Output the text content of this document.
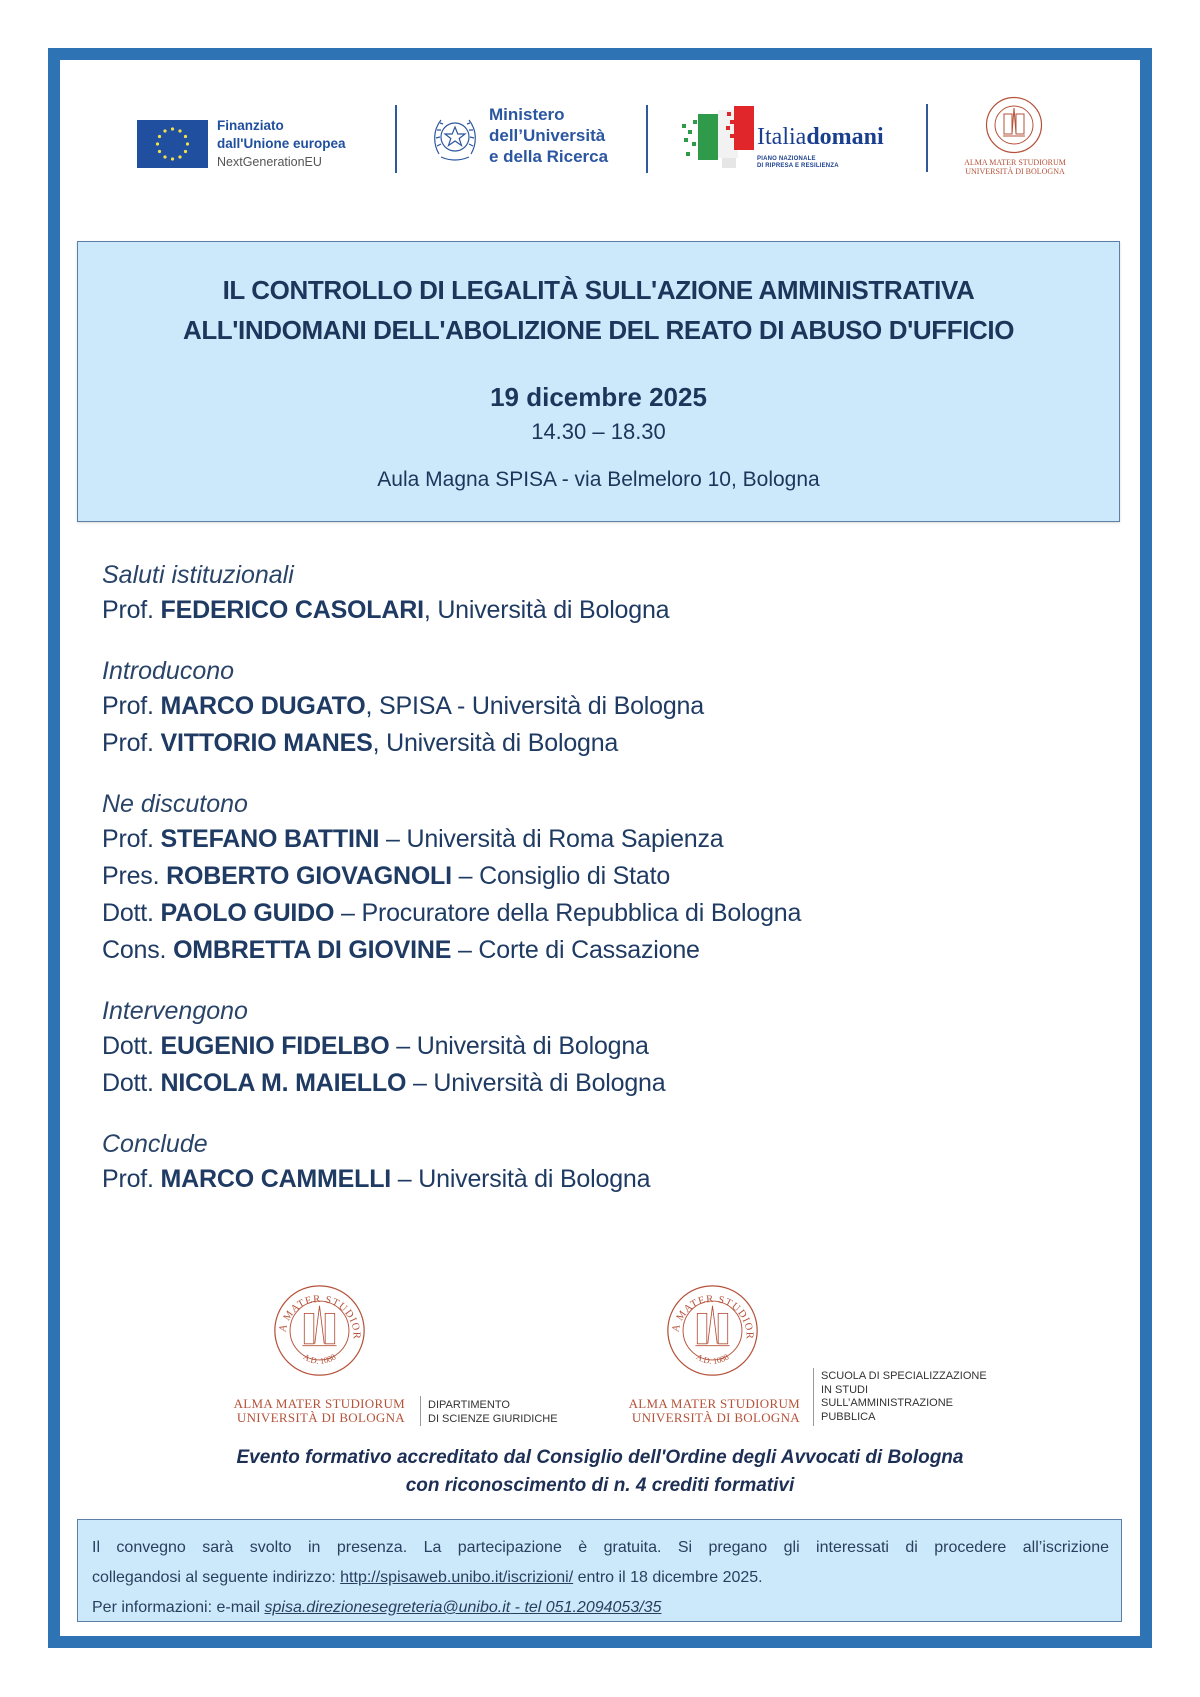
Finanziato
dall'Unione europea
NextGenerationEU
Ministero
dell’Università
e della Ricerca
Italiadomani
PIANO NAZIONALE
DI RIPRESA E RESILIENZA	ALMA MATER STUDIORUM
UNIVERSITÀ DI BOLOGNA
IL CONTROLLO DI LEGALITÀ SULL'AZIONE AMMINISTRATIVA
ALL'INDOMANI DELL'ABOLIZIONE DEL REATO DI ABUSO D'UFFICIO
19 dicembre 2025
14.30 – 18.30
Aula Magna SPISA - via Belmeloro 10, Bologna
Saluti istituzionali
Prof. FEDERICO CASOLARI, Università di Bologna
Introducono
Prof. MARCO DUGATO, SPISA - Università di Bologna
Prof. VITTORIO MANES, Università di Bologna
Ne discutono
Prof. STEFANO BATTINI – Università di Roma Sapienza
Pres. ROBERTO GIOVAGNOLI – Consiglio di Stato
Dott. PAOLO GUIDO – Procuratore della Repubblica di Bologna
Cons. OMBRETTA DI GIOVINE – Corte di Cassazione
Intervengono
Dott. EUGENIO FIDELBO – Università di Bologna
Dott. NICOLA M. MAIELLO – Università di Bologna
Conclude
Prof. MARCO CAMMELLI – Università di Bologna
A MATER STUDIOR
A.D. 1088
ALMA MATER STUDIORUM
UNIVERSITÀ DI BOLOGNA
DIPARTIMENTO
DI SCIENZE GIURIDICHE
A MATER STUDIOR
A.D. 1088
ALMA MATER STUDIORUM
UNIVERSITÀ DI BOLOGNA
SCUOLA DI SPECIALIZZAZIONE
IN STUDI
SULL’AMMINISTRAZIONE
PUBBLICA
Evento formativo accreditato dal Consiglio dell'Ordine degli Avvocati di Bologna
con riconoscimento di n. 4 crediti formativi
Il convegno sarà svolto in presenza. La partecipazione è gratuita. Si pregano gli interessati di procedere all’iscrizione
collegandosi al seguente indirizzo: http://spisaweb.unibo.it/iscrizioni/ entro il 18 dicembre 2025.
Per informazioni: e-mail spisa.direzionesegreteria@unibo.it - tel 051.2094053/35
